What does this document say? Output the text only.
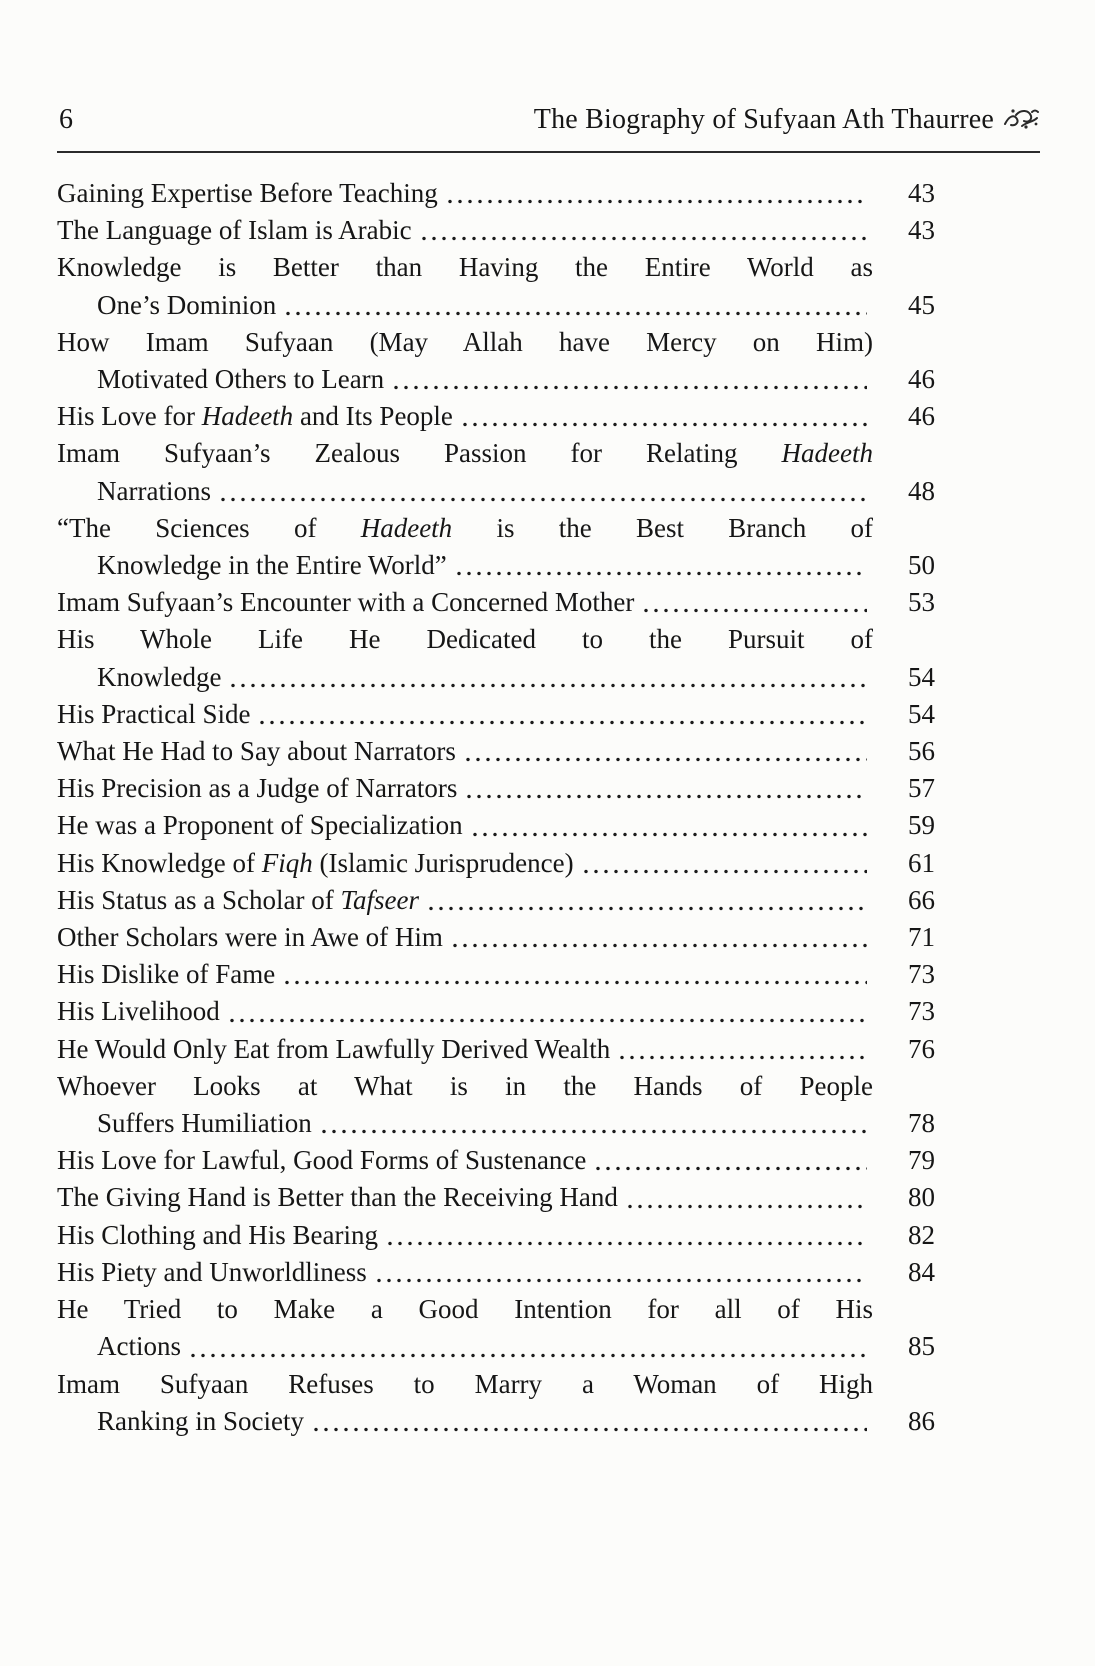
6	The Biography of Sufyaan Ath Thaurree
Gaining Expertise Before Teaching	43
The Language of Islam is Arabic	43
Knowledge is Better than Having the Entire World as
One’s Dominion	45
How Imam Sufyaan (May Allah have Mercy on Him)
Motivated Others to Learn	46
His Love for Hadeeth and Its People	46
Imam Sufyaan’s Zealous Passion for Relating Hadeeth
Narrations	48
“The Sciences of Hadeeth is the Best Branch of
Knowledge in the Entire World”	50
Imam Sufyaan’s Encounter with a Concerned Mother	53
His Whole Life He Dedicated to the Pursuit of
Knowledge	54
His Practical Side	54
What He Had to Say about Narrators	56
His Precision as a Judge of Narrators	57
He was a Proponent of Specialization	59
His Knowledge of Fiqh (Islamic Jurisprudence)	61
His Status as a Scholar of Tafseer	66
Other Scholars were in Awe of Him	71
His Dislike of Fame	73
His Livelihood	73
He Would Only Eat from Lawfully Derived Wealth	76
Whoever Looks at What is in the Hands of People
Suffers Humiliation	78
His Love for Lawful, Good Forms of Sustenance	79
The Giving Hand is Better than the Receiving Hand	80
His Clothing and His Bearing	82
His Piety and Unworldliness	84
He Tried to Make a Good Intention for all of His
Actions	85
Imam Sufyaan Refuses to Marry a Woman of High
Ranking in Society	86
